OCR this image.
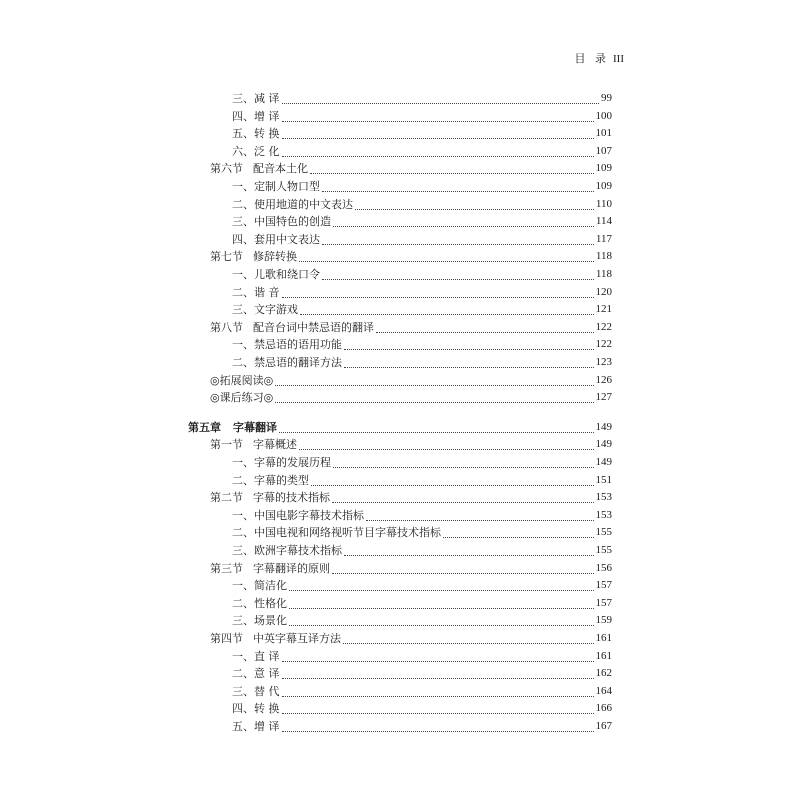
目 录 III
三、减 译	99
四、增 译	100
五、转 换	101
六、泛 化	107
第六节 配音本土化	109
一、定制人物口型	109
二、使用地道的中文表达	110
三、中国特色的创造	114
四、套用中文表达	117
第七节 修辞转换	118
一、儿歌和绕口令	118
二、谐 音	120
三、文字游戏	121
第八节 配音台词中禁忌语的翻译	122
一、禁忌语的语用功能	122
二、禁忌语的翻译方法	123
◎拓展阅读◎	126
◎课后练习◎	127
第五章 字幕翻译	149
第一节 字幕概述	149
一、字幕的发展历程	149
二、字幕的类型	151
第二节 字幕的技术指标	153
一、中国电影字幕技术指标	153
二、中国电视和网络视听节目字幕技术指标	155
三、欧洲字幕技术指标	155
第三节 字幕翻译的原则	156
一、简洁化	157
二、性格化	157
三、场景化	159
第四节 中英字幕互译方法	161
一、直 译	161
二、意 译	162
三、替 代	164
四、转 换	166
五、增 译	167
